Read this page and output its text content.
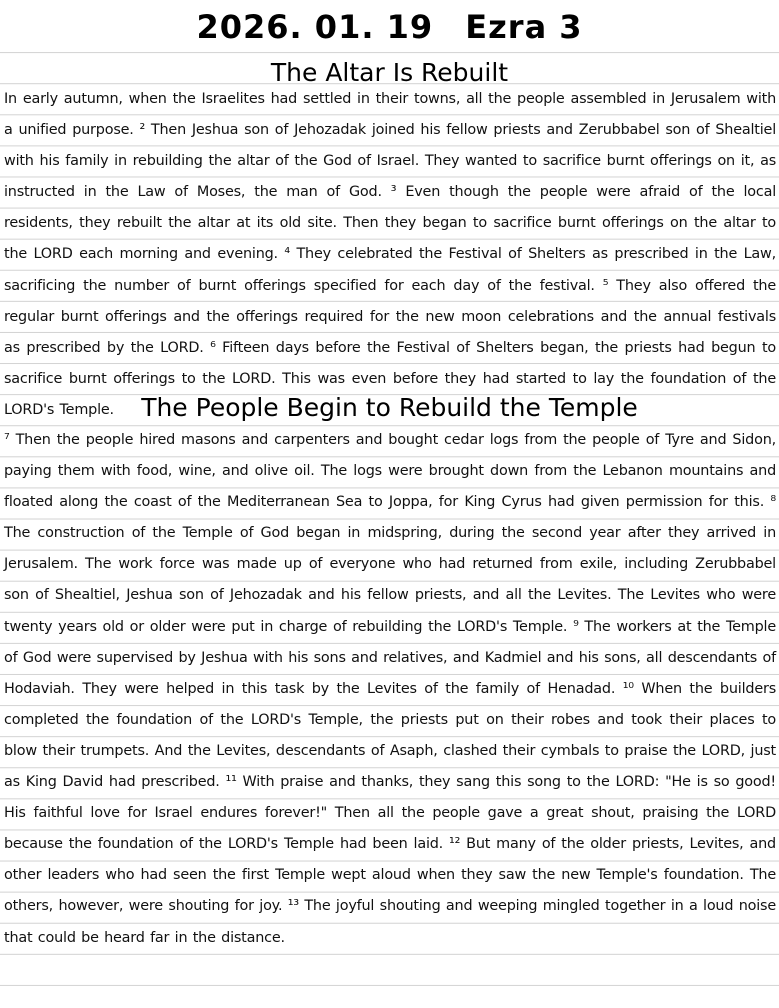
2026. 01. 19 Ezra 3
The Altar Is Rebuilt
In early autumn, when the Israelites had settled in their towns, all the people assembled in Jerusalem with a unified purpose. ² Then Jeshua son of Jehozadak joined his fellow priests and Zerubbabel son of Shealtiel with his family in rebuilding the altar of the God of Israel. They wanted to sacrifice burnt offerings on it, as instructed in the Law of Moses, the man of God. ³ Even though the people were afraid of the local residents, they rebuilt the altar at its old site. Then they began to sacrifice burnt offerings on the altar to the LORD each morning and evening. ⁴ They celebrated the Festival of Shelters as prescribed in the Law, sacrificing the number of burnt offerings specified for each day of the festival. ⁵ They also offered the regular burnt offerings and the offerings required for the new moon celebrations and the annual festivals as prescribed by the LORD. ⁶ Fifteen days before the Festival of Shelters began, the priests had begun to sacrifice burnt offerings to the LORD. This was even before they had started to lay the foundation of the LORD's Temple.	The People Begin to Rebuild the Temple
⁷ Then the people hired masons and carpenters and bought cedar logs from the people of Tyre and Sidon, paying them with food, wine, and olive oil. The logs were brought down from the Lebanon mountains and floated along the coast of the Mediterranean Sea to Joppa, for King Cyrus had given permission for this. ⁸ The construction of the Temple of God began in midspring, during the second year after they arrived in Jerusalem. The work force was made up of everyone who had returned from exile, including Zerubbabel son of Shealtiel, Jeshua son of Jehozadak and his fellow priests, and all the Levites. The Levites who were twenty years old or older were put in charge of rebuilding the LORD's Temple. ⁹ The workers at the Temple of God were supervised by Jeshua with his sons and relatives, and Kadmiel and his sons, all descendants of Hodaviah. They were helped in this task by the Levites of the family of Henadad. ¹⁰ When the builders completed the foundation of the LORD's Temple, the priests put on their robes and took their places to blow their trumpets. And the Levites, descendants of Asaph, clashed their cymbals to praise the LORD, just as King David had prescribed. ¹¹ With praise and thanks, they sang this song to the LORD: "He is so good! His faithful love for Israel endures forever!" Then all the people gave a great shout, praising the LORD because the foundation of the LORD's Temple had been laid. ¹² But many of the older priests, Levites, and other leaders who had seen the first Temple wept aloud when they saw the new Temple's foundation. The others, however, were shouting for joy. ¹³ The joyful shouting and weeping mingled together in a loud noise that could be heard far in the distance.
